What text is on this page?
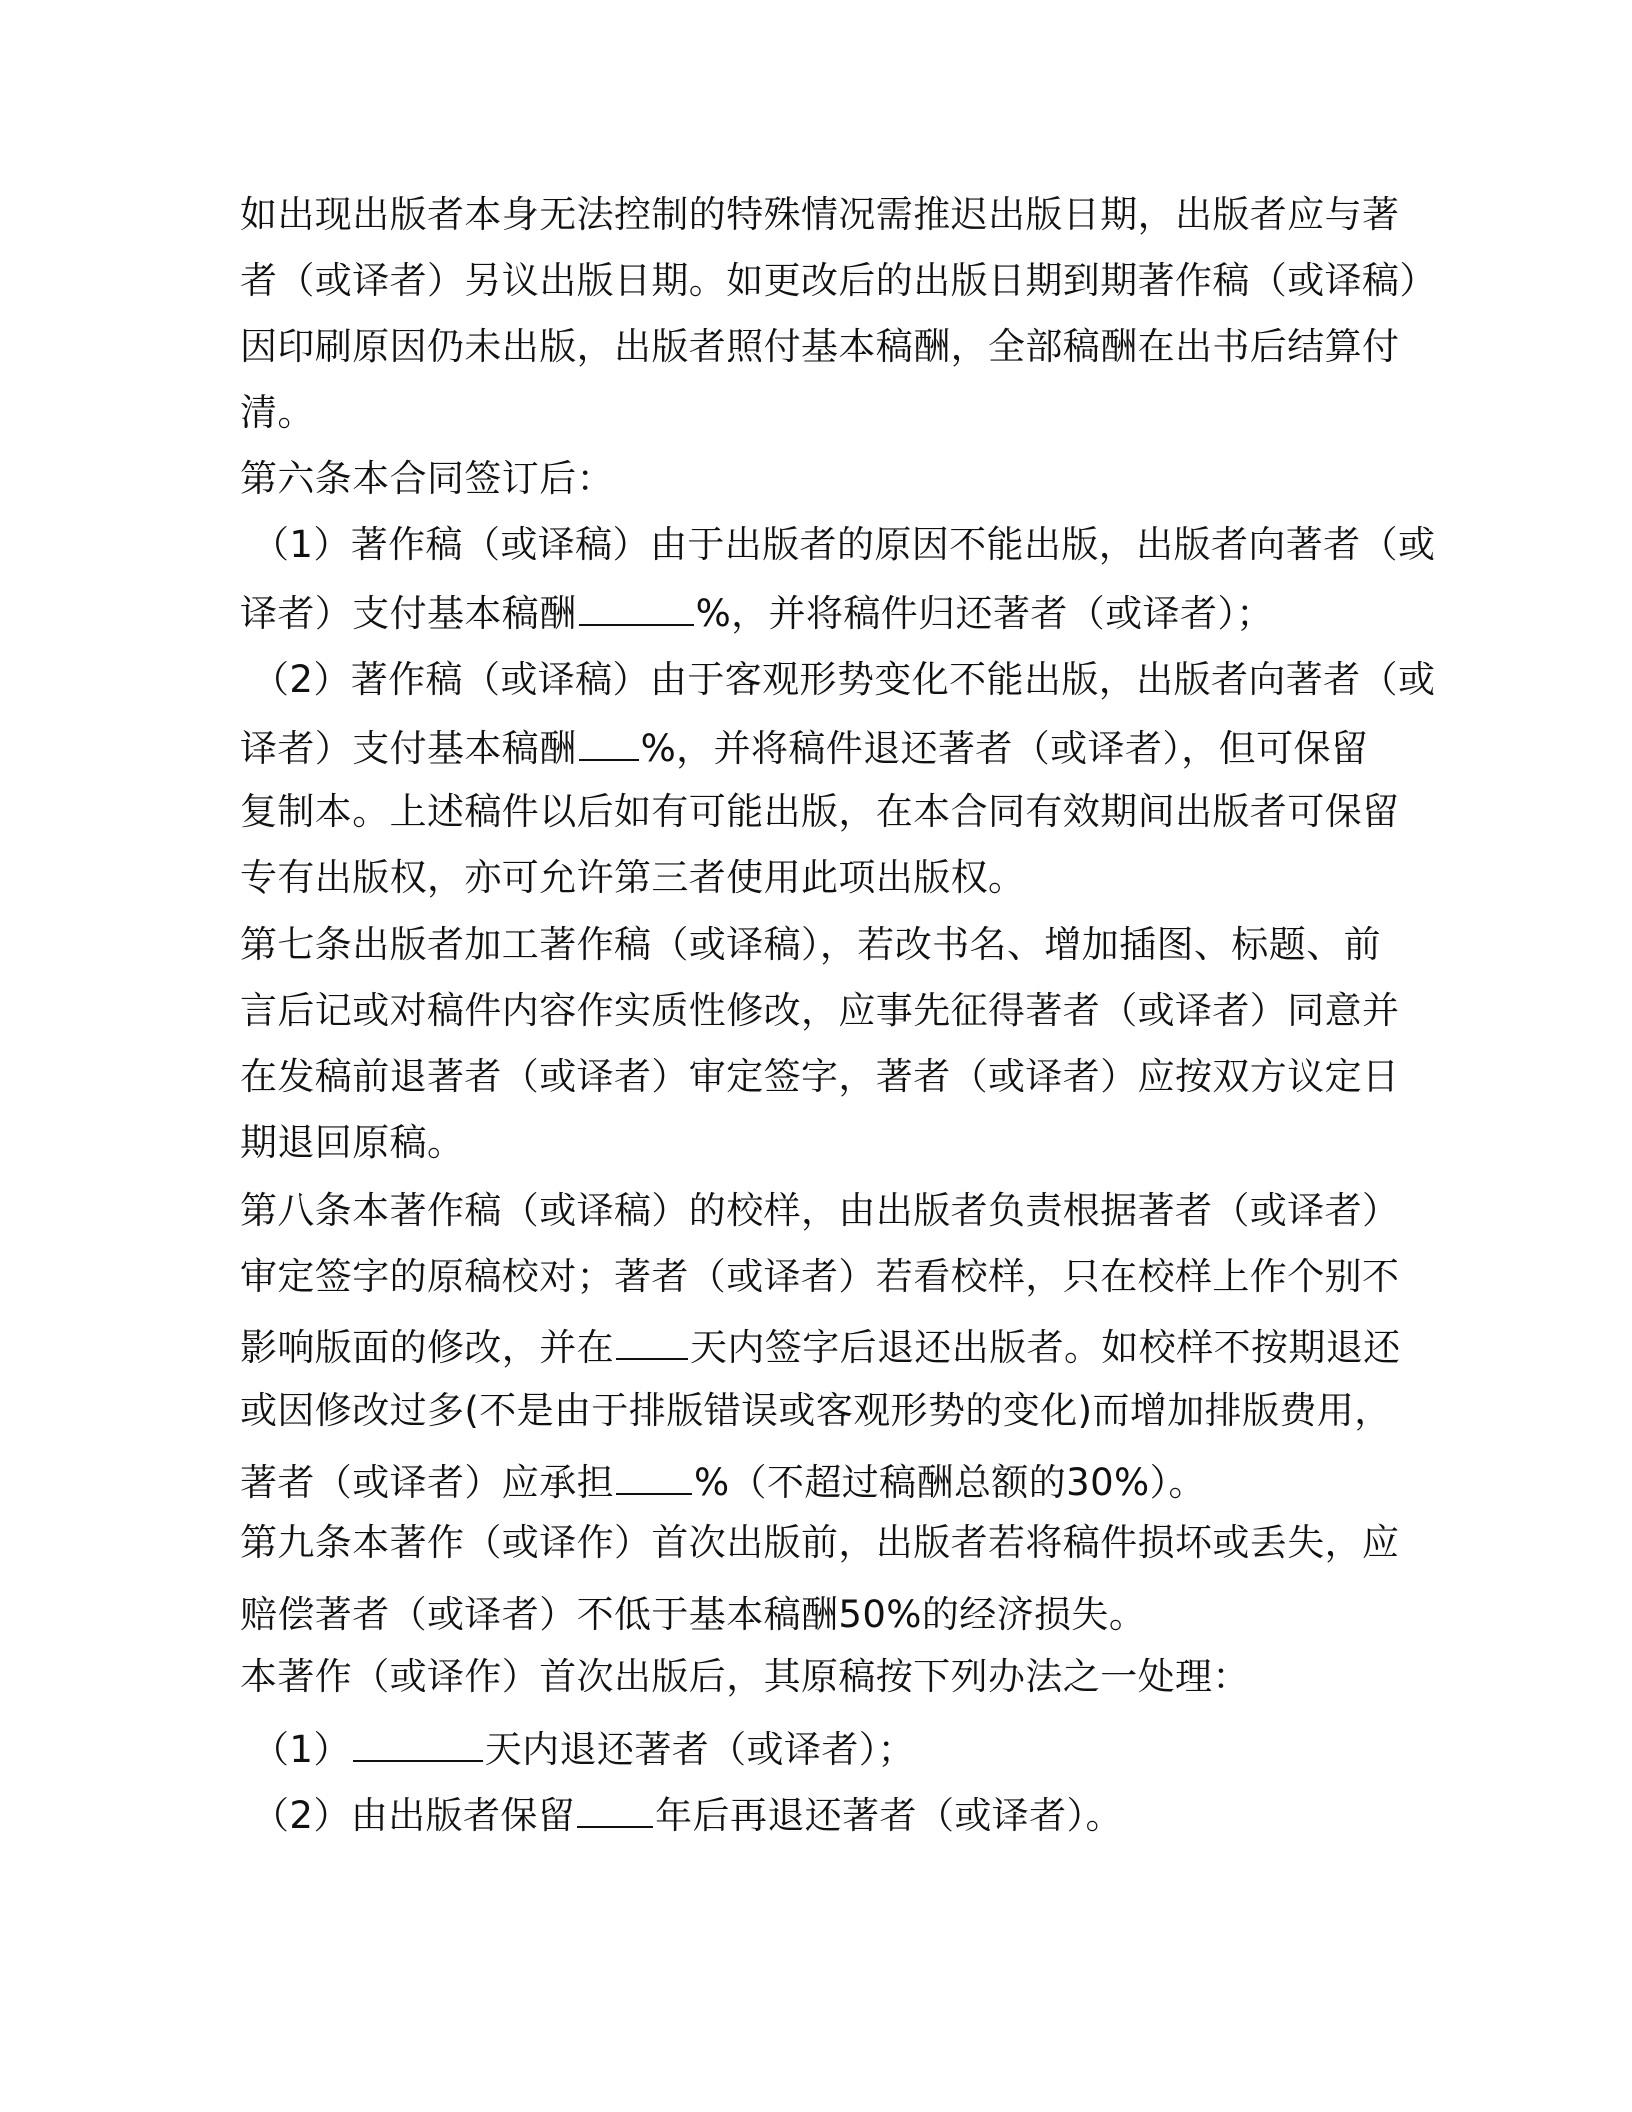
如出现出版者本身无法控制的特殊情况需推迟出版日期，出版者应与著
者（或译者）另议出版日期。如更改后的出版日期到期著作稿（或译稿）
因印刷原因仍未出版，出版者照付基本稿酬，全部稿酬在出书后结算付
清。
第六条本合同签订后：
（1）著作稿（或译稿）由于出版者的原因不能出版，出版者向著者（或
译者）支付基本稿酬	%，并将稿件归还著者（或译者）；
（2）著作稿（或译稿）由于客观形势变化不能出版，出版者向著者（或
译者）支付基本稿酬 %，并将稿件退还著者（或译者），但可保留
复制本。上述稿件以后如有可能出版，在本合同有效期间出版者可保留
专有出版权，亦可允许第三者使用此项出版权。
第七条出版者加工著作稿（或译稿），若改书名、增加插图、标题、前
言后记或对稿件内容作实质性修改，应事先征得著者（或译者）同意并
在发稿前退著者（或译者）审定签字，著者（或译者）应按双方议定日
期退回原稿。
第八条本著作稿（或译稿）的校样，由出版者负责根据著者（或译者）
审定签字的原稿校对；著者（或译者）若看校样，只在校样上作个别不
影响版面的修改，并在 天内签字后退还出版者。如校样不按期退还
或因修改过多(不是由于排版错误或客观形势的变化)而增加排版费用，
著者（或译者）应承担 %（不超过稿酬总额的30%）。
第九条本著作（或译作）首次出版前，出版者若将稿件损坏或丢失，应
赔偿著者（或译者）不低于基本稿酬50%的经济损失。
本著作（或译作）首次出版后，其原稿按下列办法之一处理：
（1）	天内退还著者（或译者）；
（2）由出版者保留 年后再退还著者（或译者）。
